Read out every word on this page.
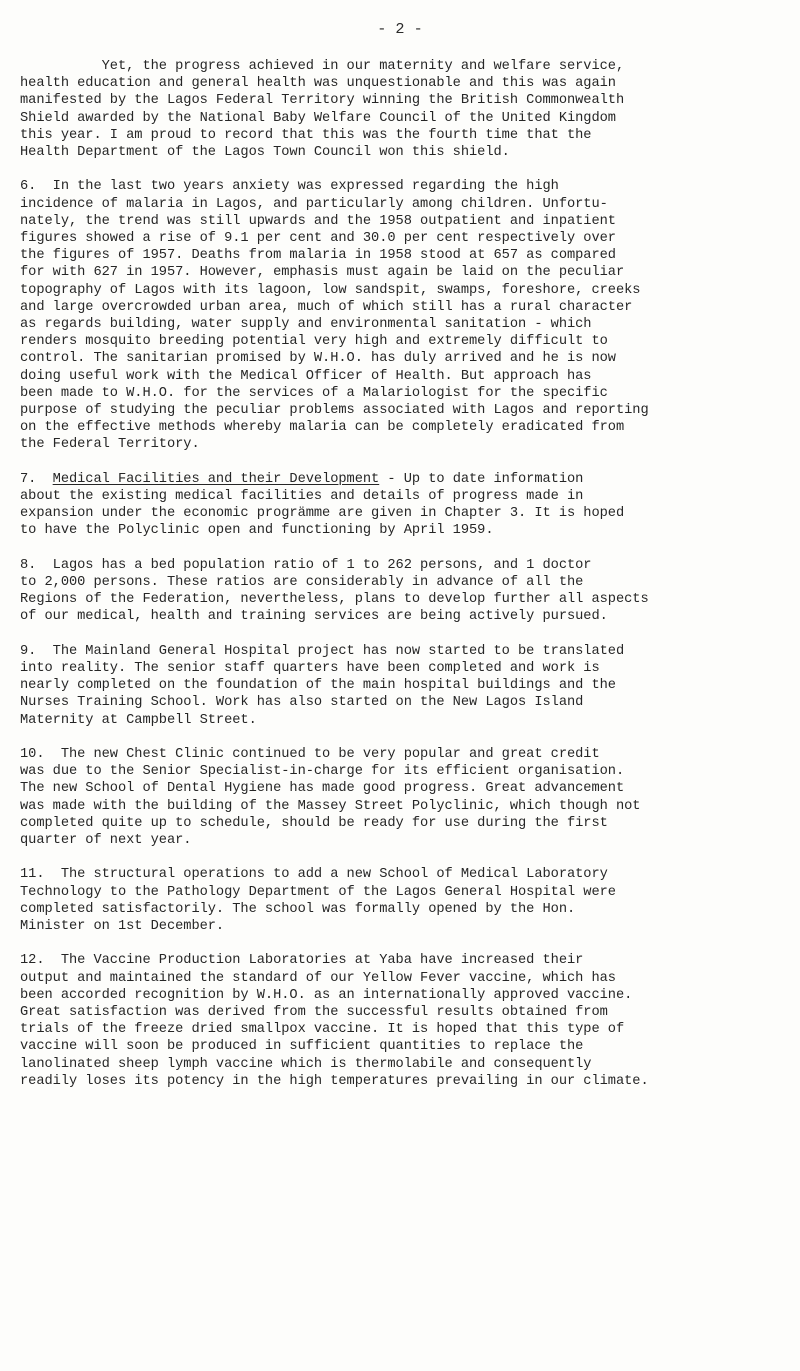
- 2 -
Yet, the progress achieved in our maternity and welfare service,
health education and general health was unquestionable and this was again
manifested by the Lagos Federal Territory winning the British Commonwealth
Shield awarded by the National Baby Welfare Council of the United Kingdom
this year. I am proud to record that this was the fourth time that the
Health Department of the Lagos Town Council won this shield.
6.  In the last two years anxiety was expressed regarding the high
incidence of malaria in Lagos, and particularly among children. Unfortu-
nately, the trend was still upwards and the 1958 outpatient and inpatient
figures showed a rise of 9.1 per cent and 30.0 per cent respectively over
the figures of 1957. Deaths from malaria in 1958 stood at 657 as compared
for with 627 in 1957. However, emphasis must again be laid on the peculiar
topography of Lagos with its lagoon, low sandspit, swamps, foreshore, creeks
and large overcrowded urban area, much of which still has a rural character
as regards building, water supply and environmental sanitation - which
renders mosquito breeding potential very high and extremely difficult to
control. The sanitarian promised by W.H.O. has duly arrived and he is now
doing useful work with the Medical Officer of Health. But approach has
been made to W.H.O. for the services of a Malariologist for the specific
purpose of studying the peculiar problems associated with Lagos and reporting
on the effective methods whereby malaria can be completely eradicated from
the Federal Territory.
7.  Medical Facilities and their Development - Up to date information
about the existing medical facilities and details of progress made in
expansion under the economic progrämme are given in Chapter 3. It is hoped
to have the Polyclinic open and functioning by April 1959.
8.  Lagos has a bed population ratio of 1 to 262 persons, and 1 doctor
to 2,000 persons. These ratios are considerably in advance of all the
Regions of the Federation, nevertheless, plans to develop further all aspects
of our medical, health and training services are being actively pursued.
9.  The Mainland General Hospital project has now started to be translated
into reality. The senior staff quarters have been completed and work is
nearly completed on the foundation of the main hospital buildings and the
Nurses Training School. Work has also started on the New Lagos Island
Maternity at Campbell Street.
10.  The new Chest Clinic continued to be very popular and great credit
was due to the Senior Specialist-in-charge for its efficient organisation.
The new School of Dental Hygiene has made good progress. Great advancement
was made with the building of the Massey Street Polyclinic, which though not
completed quite up to schedule, should be ready for use during the first
quarter of next year.
11.  The structural operations to add a new School of Medical Laboratory
Technology to the Pathology Department of the Lagos General Hospital were
completed satisfactorily. The school was formally opened by the Hon.
Minister on 1st December.
12.  The Vaccine Production Laboratories at Yaba have increased their
output and maintained the standard of our Yellow Fever vaccine, which has
been accorded recognition by W.H.O. as an internationally approved vaccine.
Great satisfaction was derived from the successful results obtained from
trials of the freeze dried smallpox vaccine. It is hoped that this type of
vaccine will soon be produced in sufficient quantities to replace the
lanolinated sheep lymph vaccine which is thermolabile and consequently
readily loses its potency in the high temperatures prevailing in our climate.
